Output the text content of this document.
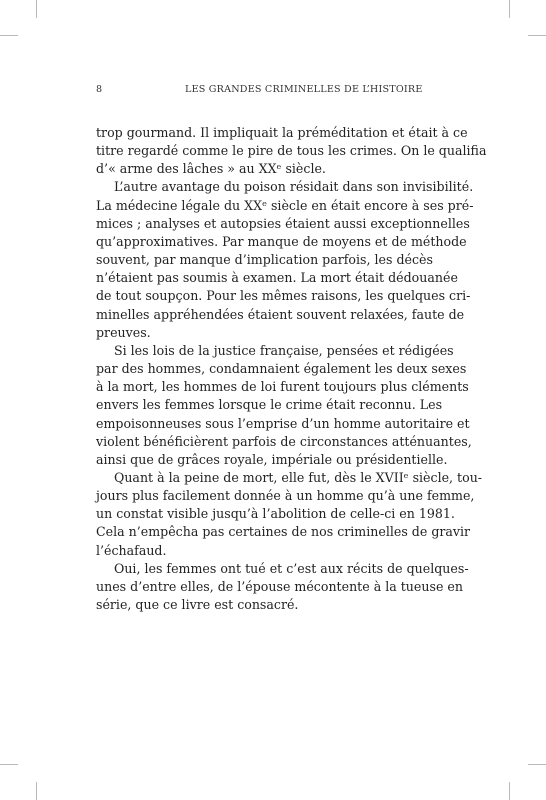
8	LES GRANDES CRIMINELLES DE L’HISTOIRE
trop gourmand. Il impliquait la préméditation et était à ce
titre regardé comme le pire de tous les crimes. On le qualifia
d’« arme des lâches » au XXᵉ siècle.
L’autre avantage du poison résidait dans son invisibilité.
La médecine légale du XXᵉ siècle en était encore à ses pré-
mices ; analyses et autopsies étaient aussi exceptionnelles
qu’approximatives. Par manque de moyens et de méthode
souvent, par manque d’implication parfois, les décès
n’étaient pas soumis à examen. La mort était dédouanée
de tout soupçon. Pour les mêmes raisons, les quelques cri-
minelles appréhendées étaient souvent relaxées, faute de
preuves.
Si les lois de la justice française, pensées et rédigées
par des hommes, condamnaient également les deux sexes
à la mort, les hommes de loi furent toujours plus cléments
envers les femmes lorsque le crime était reconnu. Les
empoisonneuses sous l’emprise d’un homme autoritaire et
violent bénéficièrent parfois de circonstances atténuantes,
ainsi que de grâces royale, impériale ou présidentielle.
Quant à la peine de mort, elle fut, dès le XVIIᵉ siècle, tou-
jours plus facilement donnée à un homme qu’à une femme,
un constat visible jusqu’à l’abolition de celle-ci en 1981.
Cela n’empêcha pas certaines de nos criminelles de gravir
l’échafaud.
Oui, les femmes ont tué et c’est aux récits de quelques-
unes d’entre elles, de l’épouse mécontente à la tueuse en
série, que ce livre est consacré.
